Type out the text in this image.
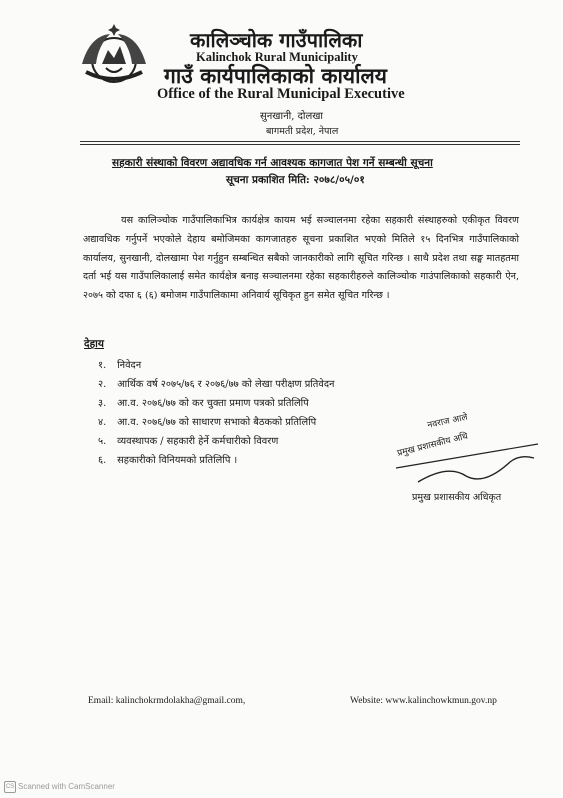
कालिञ्चोक गाउँपालिका
Kalinchok Rural Municipality
गाउँ कार्यपालिकाको कार्यालय
Office of the Rural Municipal Executive
सुनखानी, दोलखा
बागमती प्रदेश, नेपाल
सहकारी संस्थाको विवरण अद्यावधिक गर्न आवश्यक कागजात पेश गर्ने सम्बन्धी सूचना
सूचना प्रकाशित मिति: २०७८/०५/०१
यस कालिञ्चोक गाउँपालिकाभित्र कार्यक्षेत्र कायम भई सञ्चालनमा रहेका सहकारी संस्थाहरुको एकीकृत विवरण अद्यावधिक गर्नुपर्ने भएकोले देहाय बमोजिमका कागजातहरु सूचना प्रकाशित भएको मितिले १५ दिनभित्र गाउँपालिकाको कार्यालय, सुनखानी, दोलखामा पेश गर्नुहुन सम्बन्धित सबैको जानकारीको लागि सूचित गरिन्छ । साथै प्रदेश तथा सङ्घ मातहतमा दर्ता भई यस गाउँपालिकालाई समेत कार्यक्षेत्र बनाइ सञ्चालनमा रहेका सहकारीहरुले कालिञ्चोक गाउंपालिकाको सहकारी ऐन, २०७५ को दफा ६ (६) बमोजम गाउँपालिकामा अनिवार्य सूचिकृत हुन समेत सूचित गरिन्छ ।
देहाय
१. निवेदन
२. आर्थिक वर्ष २०७५/७६ र २०७६/७७ को लेखा परीक्षण प्रतिवेदन
३. आ.व. २०७६/७७ को कर चुक्ता प्रमाण पत्रको प्रतिलिपि
४. आ.व. २०७६/७७ को साधारण सभाको बैठकको प्रतिलिपि
५. व्यवस्थापक / सहकारी हेर्ने कर्मचारीको विवरण
६. सहकारीको विनियमको प्रतिलिपि ।
नवराज आले
प्रमुख प्रशासकीय अधि
प्रमुख प्रशासकीय अधिकृत
Email: kalinchokrmdolakha@gmail.com,	Website: www.kalinchowkmun.gov.np
CS Scanned with CamScanner
